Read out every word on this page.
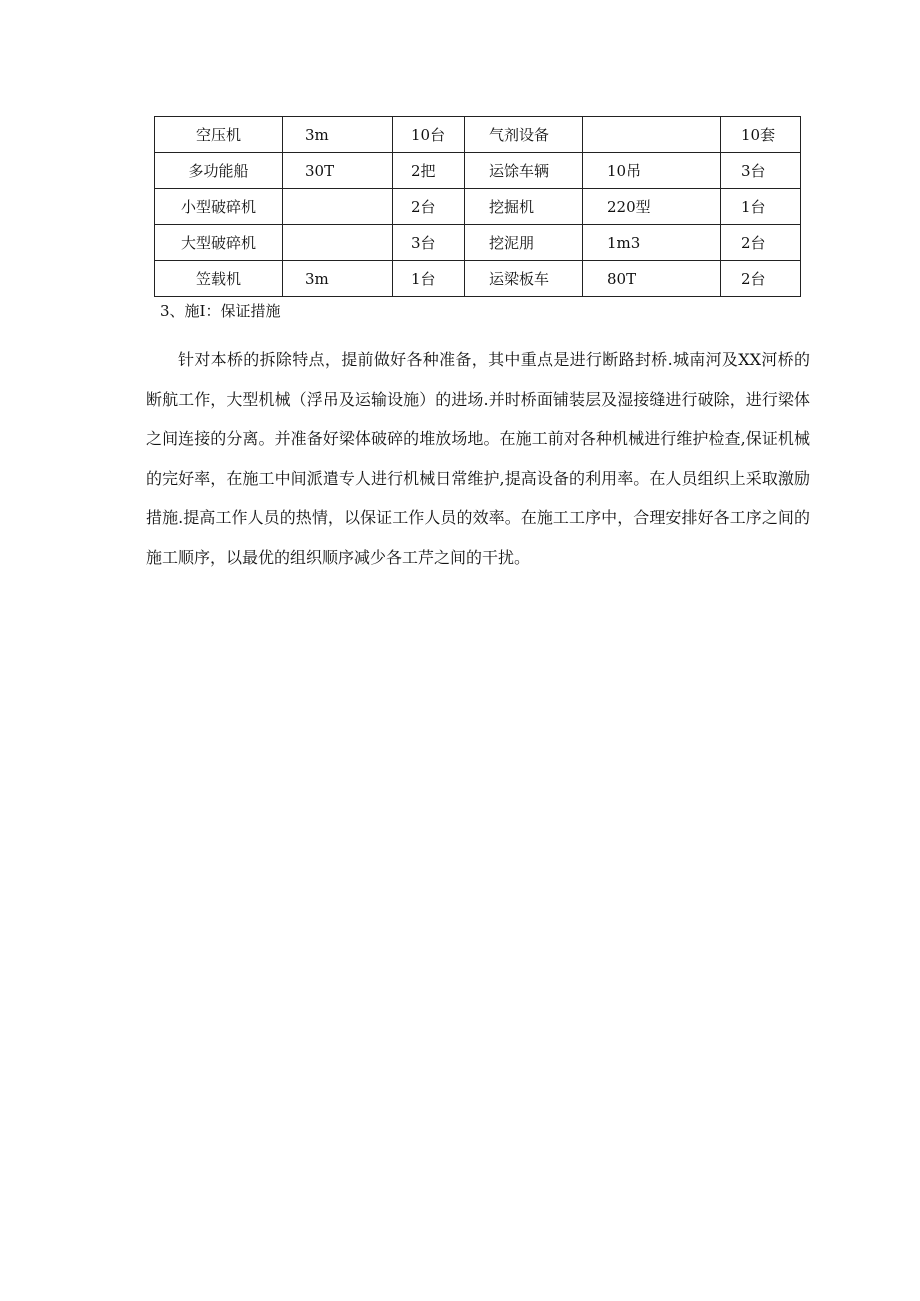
空压机	3m	10台	气剂设备		10套
多功能船	30T	2把	运馀车辆	10吊	3台
小型破碎机		2台	挖掘机	220型	1台
大型破碎机		3台	挖泥朋	1m3	2台
笠载机	3m	1台	运梁板车	80T	2台
3、施I：保证措施

针对本桥的拆除特点，提前做好各种准备，其中重点是进行断路封桥.城南河及XX河桥的断航工作，大型机械（浮吊及运输设施）的进场.并时桥面铺装层及湿接缝进行破除，进行梁体之间连接的分离。并准备好梁体破碎的堆放场地。在施工前对各种机械进行维护检查,保证机械的完好率，在施工中间派遣专人进行机械日常维护,提高设备的利用率。在人员组织上采取激励措施.提高工作人员的热情，以保证工作人员的效率。在施工工序中，合理安排好各工序之间的施工顺序，以最优的组织顺序减少各工芹之间的干扰。
